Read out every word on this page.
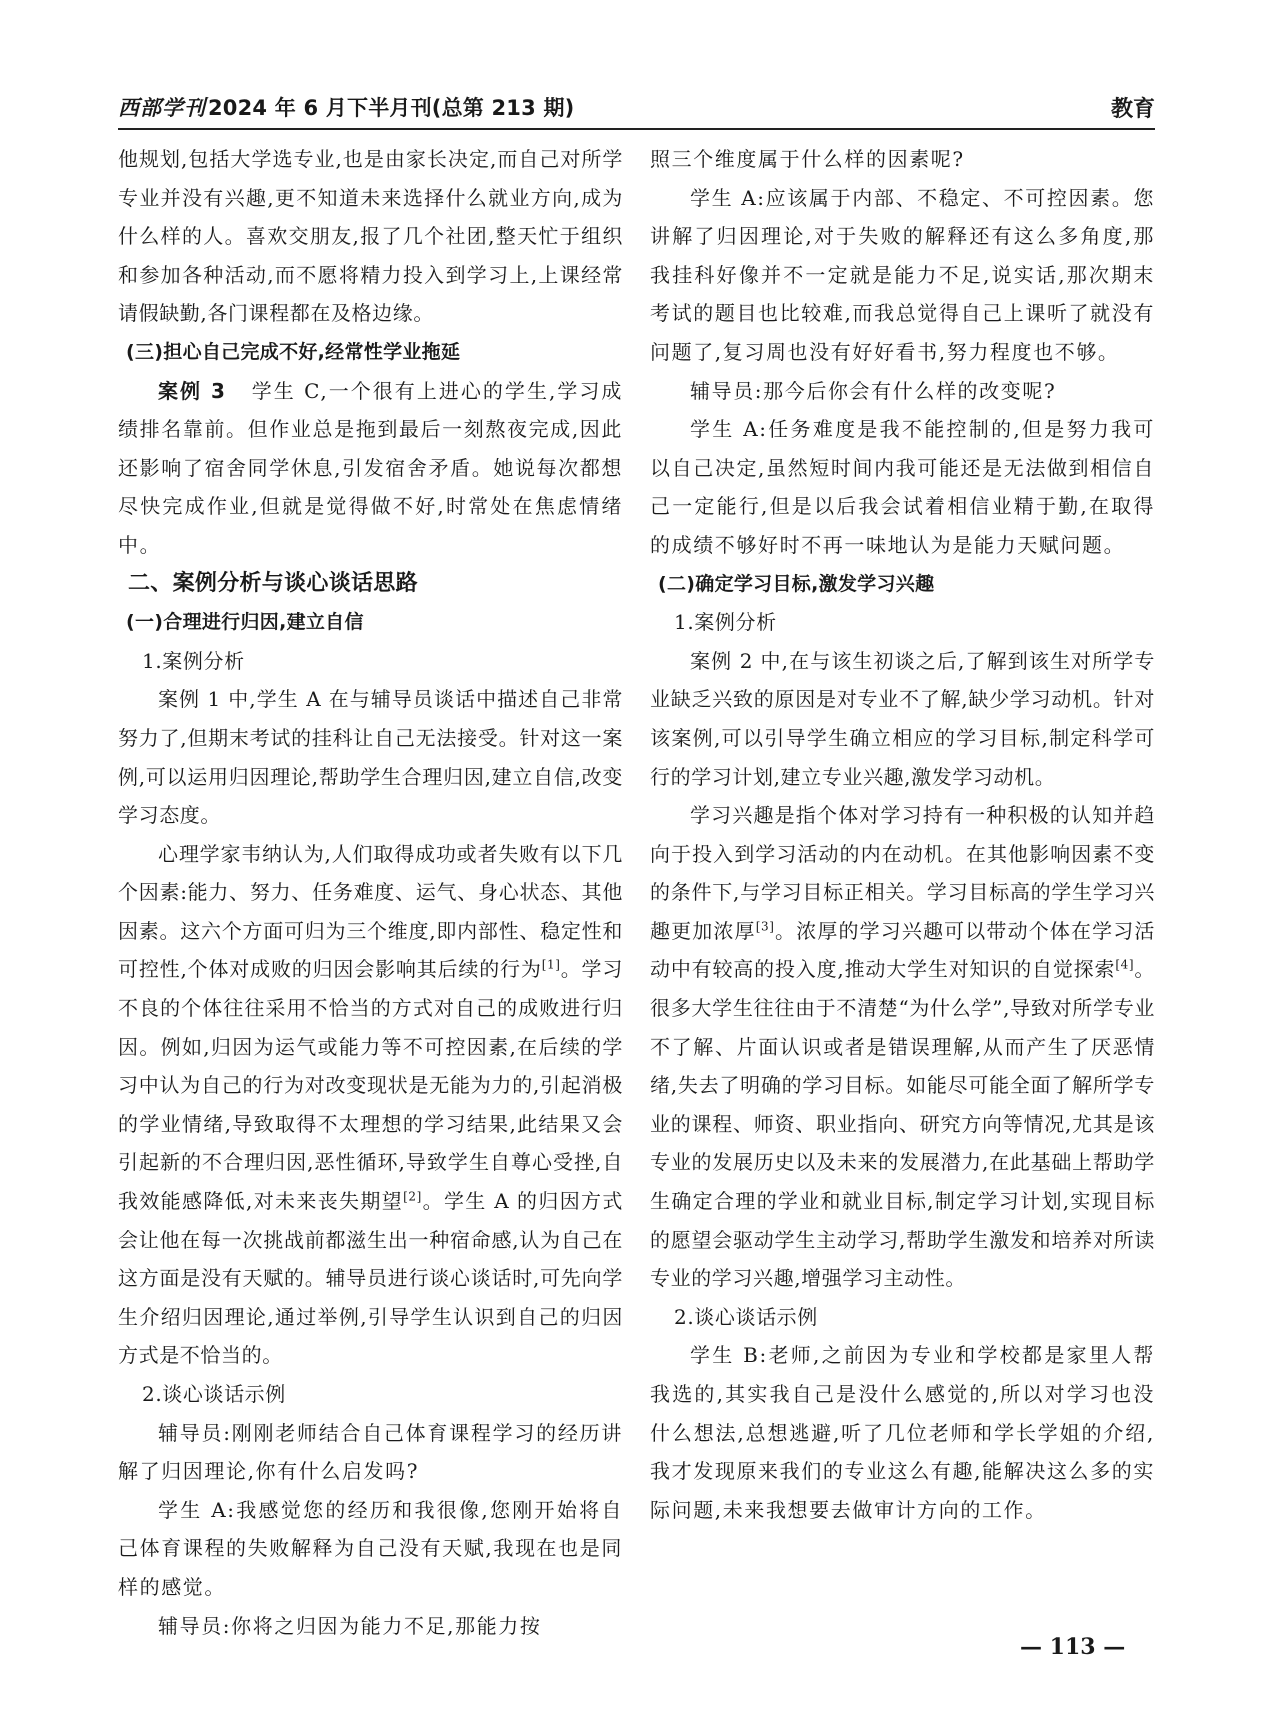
西部学刊2024 年 6 月下半月刊(总第 213 期)	教育

他规划,包括大学选专业,也是由家长决定,而自己对所学专业并没有兴趣,更不知道未来选择什么就业方向,成为什么样的人。喜欢交朋友,报了几个社团,整天忙于组织和参加各种活动,而不愿将精力投入到学习上,上课经常请假缺勤,各门课程都在及格边缘。

(三)担心自己完成不好,经常性学业拖延

案例 3 学生 C,一个很有上进心的学生,学习成绩排名靠前。但作业总是拖到最后一刻熬夜完成,因此还影响了宿舍同学休息,引发宿舍矛盾。她说每次都想尽快完成作业,但就是觉得做不好,时常处在焦虑情绪中。

二、案例分析与谈心谈话思路

(一)合理进行归因,建立自信

1.案例分析

案例 1 中,学生 A 在与辅导员谈话中描述自己非常努力了,但期末考试的挂科让自己无法接受。针对这一案例,可以运用归因理论,帮助学生合理归因,建立自信,改变学习态度。

心理学家韦纳认为,人们取得成功或者失败有以下几个因素:能力、努力、任务难度、运气、身心状态、其他因素。这六个方面可归为三个维度,即内部性、稳定性和可控性,个体对成败的归因会影响其后续的行为[1]。学习不良的个体往往采用不恰当的方式对自己的成败进行归因。例如,归因为运气或能力等不可控因素,在后续的学习中认为自己的行为对改变现状是无能为力的,引起消极的学业情绪,导致取得不太理想的学习结果,此结果又会引起新的不合理归因,恶性循环,导致学生自尊心受挫,自我效能感降低,对未来丧失期望[2]。学生 A 的归因方式会让他在每一次挑战前都滋生出一种宿命感,认为自己在这方面是没有天赋的。辅导员进行谈心谈话时,可先向学生介绍归因理论,通过举例,引导学生认识到自己的归因方式是不恰当的。

2.谈心谈话示例

辅导员:刚刚老师结合自己体育课程学习的经历讲解了归因理论,你有什么启发吗?

学生 A:我感觉您的经历和我很像,您刚开始将自己体育课程的失败解释为自己没有天赋,我现在也是同样的感觉。

辅导员:你将之归因为能力不足,那能力按

照三个维度属于什么样的因素呢?

学生 A:应该属于内部、不稳定、不可控因素。您讲解了归因理论,对于失败的解释还有这么多角度,那我挂科好像并不一定就是能力不足,说实话,那次期末考试的题目也比较难,而我总觉得自己上课听了就没有问题了,复习周也没有好好看书,努力程度也不够。

辅导员:那今后你会有什么样的改变呢?

学生 A:任务难度是我不能控制的,但是努力我可以自己决定,虽然短时间内我可能还是无法做到相信自己一定能行,但是以后我会试着相信业精于勤,在取得的成绩不够好时不再一味地认为是能力天赋问题。

(二)确定学习目标,激发学习兴趣

1.案例分析

案例 2 中,在与该生初谈之后,了解到该生对所学专业缺乏兴致的原因是对专业不了解,缺少学习动机。针对该案例,可以引导学生确立相应的学习目标,制定科学可行的学习计划,建立专业兴趣,激发学习动机。

学习兴趣是指个体对学习持有一种积极的认知并趋向于投入到学习活动的内在动机。在其他影响因素不变的条件下,与学习目标正相关。学习目标高的学生学习兴趣更加浓厚[3]。浓厚的学习兴趣可以带动个体在学习活动中有较高的投入度,推动大学生对知识的自觉探索[4]。很多大学生往往由于不清楚“为什么学”,导致对所学专业不了解、片面认识或者是错误理解,从而产生了厌恶情绪,失去了明确的学习目标。如能尽可能全面了解所学专业的课程、师资、职业指向、研究方向等情况,尤其是该专业的发展历史以及未来的发展潜力,在此基础上帮助学生确定合理的学业和就业目标,制定学习计划,实现目标的愿望会驱动学生主动学习,帮助学生激发和培养对所读专业的学习兴趣,增强学习主动性。

2.谈心谈话示例

学生 B:老师,之前因为专业和学校都是家里人帮我选的,其实我自己是没什么感觉的,所以对学习也没什么想法,总想逃避,听了几位老师和学长学姐的介绍,我才发现原来我们的专业这么有趣,能解决这么多的实际问题,未来我想要去做审计方向的工作。

— 113 —
